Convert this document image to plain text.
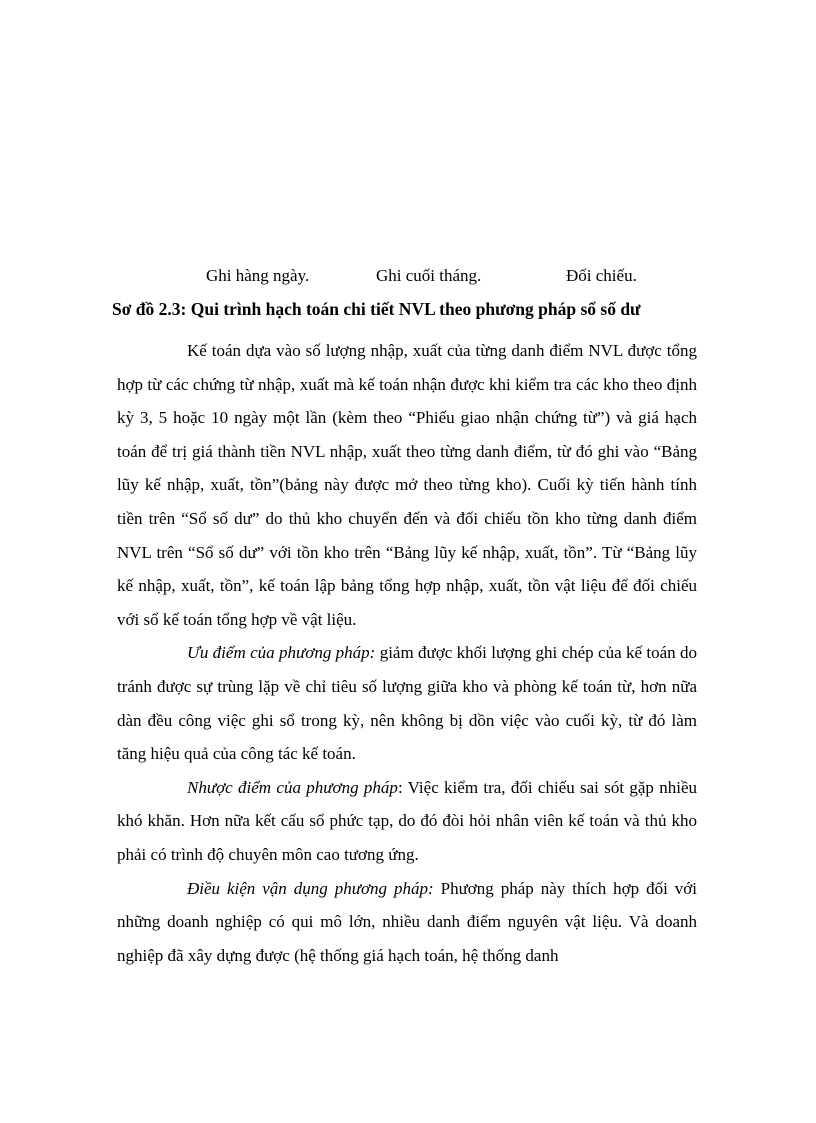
Ghi hàng ngày.	Ghi cuối tháng.	Đối chiếu.
Sơ đồ 2.3: Qui trình hạch toán chi tiết NVL theo phương pháp sổ số dư

Kế toán dựa vào số lượng nhập, xuất của từng danh điểm NVL được tổng hợp từ các chứng từ nhập, xuất mà kế toán nhận được khi kiểm tra các kho theo định kỳ 3, 5 hoặc 10 ngày một lần (kèm theo “Phiếu giao nhận chứng từ”) và giá hạch toán để trị giá thành tiền NVL nhập, xuất theo từng danh điểm, từ đó ghi vào “Bảng lũy kế nhập, xuất, tồn”(bảng này được mở theo từng kho). Cuối kỳ tiến hành tính tiền trên “Sổ số dư” do thủ kho chuyển đến và đối chiếu tồn kho từng danh điểm NVL trên “Sổ số dư” với tồn kho trên “Bảng lũy kế nhập, xuất, tồn”. Từ “Bảng lũy kế nhập, xuất, tồn”, kế toán lập bảng tổng hợp nhập, xuất, tồn vật liệu để đối chiếu với sổ kế toán tổng hợp về vật liệu.

Ưu điểm của phương pháp: giảm được khối lượng ghi chép của kế toán do tránh được sự trùng lặp về chỉ tiêu số lượng giữa kho và phòng kế toán từ, hơn nữa dàn đều công việc ghi sổ trong kỳ, nên không bị dồn việc vào cuối kỳ, từ đó làm tăng hiệu quả của công tác kế toán.

Nhược điểm của phương pháp: Việc kiểm tra, đối chiếu sai sót gặp nhiều khó khăn. Hơn nữa kết cấu sổ phức tạp, do đó đòi hỏi nhân viên kế toán và thủ kho phải có trình độ chuyên môn cao tương ứng.

Điều kiện vận dụng phương pháp: Phương pháp này thích hợp đối với những doanh nghiệp có qui mô lớn, nhiều danh điểm nguyên vật liệu. Và doanh nghiệp đã xây dựng được (hệ thống giá hạch toán, hệ thống danh
